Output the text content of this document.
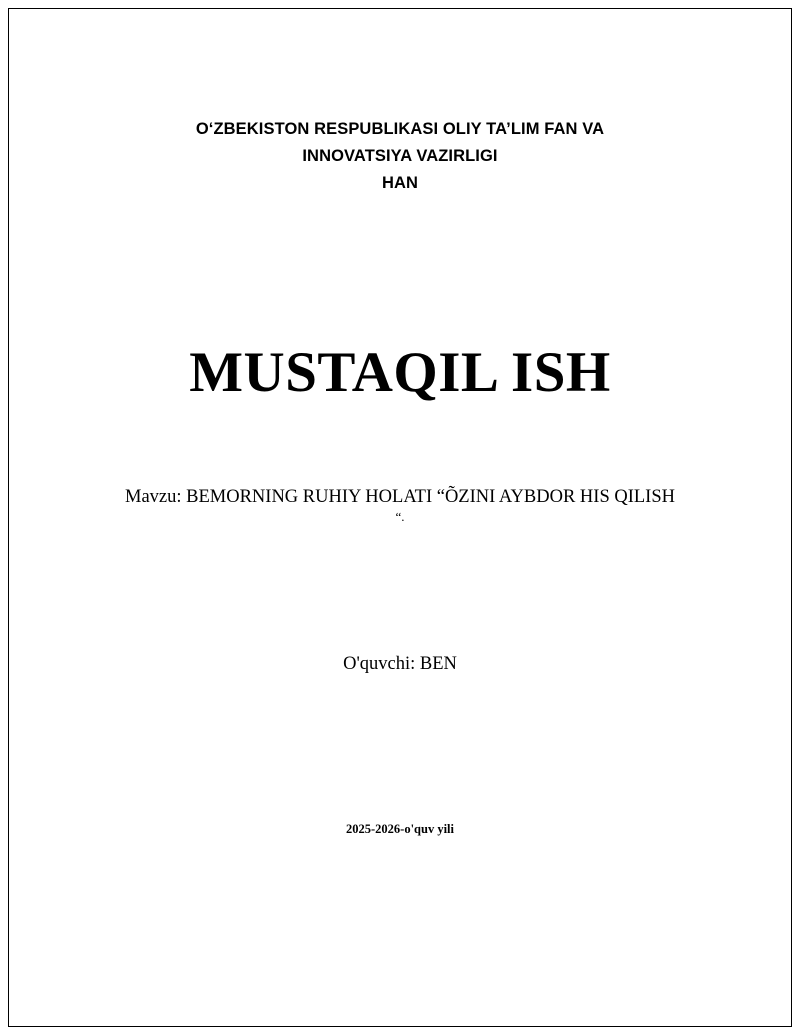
O‘ZBEKISTON RESPUBLIKASI OLIY TA’LIM FAN VA INNOVATSIYA VAZIRLIGI
HAN
MUSTAQIL ISH
Mavzu: BEMORNING RUHIY HOLATI “ÕZINI AYBDOR HIS QILISH
“.
O'quvchi: BEN
2025-2026-o'quv yili
